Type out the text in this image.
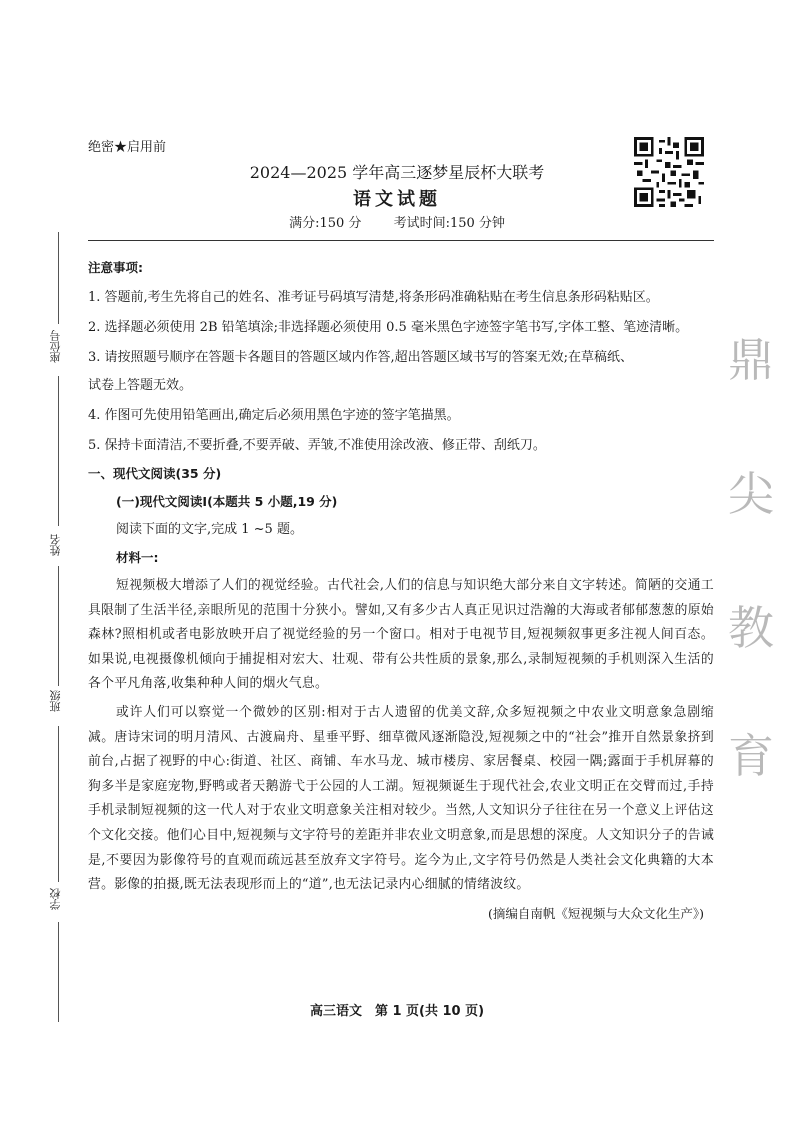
绝密★启用前
2024—2025 学年高三逐梦星辰杯大联考
语文试题
满分:150 分 考试时间:150 分钟
座位号
姓名
班级
学校
鼎
尖
教
育

注意事项:

1. 答题前,考生先将自己的姓名、准考证号码填写清楚,将条形码准确粘贴在考生信息条形码粘贴区。

2. 选择题必须使用 2B 铅笔填涂;非选择题必须使用 0.5 毫米黑色字迹签字笔书写,字体工整、笔迹清晰。

3. 请按照题号顺序在答题卡各题目的答题区域内作答,超出答题区域书写的答案无效;在草稿纸、

试卷上答题无效。

4. 作图可先使用铅笔画出,确定后必须用黑色字迹的签字笔描黑。

5. 保持卡面清洁,不要折叠,不要弄破、弄皱,不准使用涂改液、修正带、刮纸刀。

一、现代文阅读(35 分)

(一)现代文阅读Ⅰ(本题共 5 小题,19 分)

阅读下面的文字,完成 1 ~5 题。

材料一:

短视频极大增添了人们的视觉经验。古代社会,人们的信息与知识绝大部分来自文字转述。简陋的交通工具限制了生活半径,亲眼所见的范围十分狭小。譬如,又有多少古人真正见识过浩瀚的大海或者郁郁葱葱的原始森林?照相机或者电影放映开启了视觉经验的另一个窗口。相对于电视节目,短视频叙事更多注视人间百态。如果说,电视摄像机倾向于捕捉相对宏大、壮观、带有公共性质的景象,那么,录制短视频的手机则深入生活的各个平凡角落,收集种种人间的烟火气息。

或许人们可以察觉一个微妙的区别:相对于古人遗留的优美文辞,众多短视频之中农业文明意象急剧缩减。唐诗宋词的明月清风、古渡扁舟、星垂平野、细草微风逐渐隐没,短视频之中的“社会”推开自然景象挤到前台,占据了视野的中心:街道、社区、商铺、车水马龙、城市楼房、家居餐桌、校园一隅;露面于手机屏幕的狗多半是家庭宠物,野鸭或者天鹅游弋于公园的人工湖。短视频诞生于现代社会,农业文明正在交臂而过,手持手机录制短视频的这一代人对于农业文明意象关注相对较少。当然,人文知识分子往往在另一个意义上评估这个文化交接。他们心目中,短视频与文字符号的差距并非农业文明意象,而是思想的深度。人文知识分子的告诫是,不要因为影像符号的直观而疏远甚至放弃文字符号。迄今为止,文字符号仍然是人类社会文化典籍的大本营。影像的拍摄,既无法表现形而上的“道”,也无法记录内心细腻的情绪波纹。

(摘编自南帆《短视频与大众文化生产》)

高三语文　第 1 页(共 10 页)
